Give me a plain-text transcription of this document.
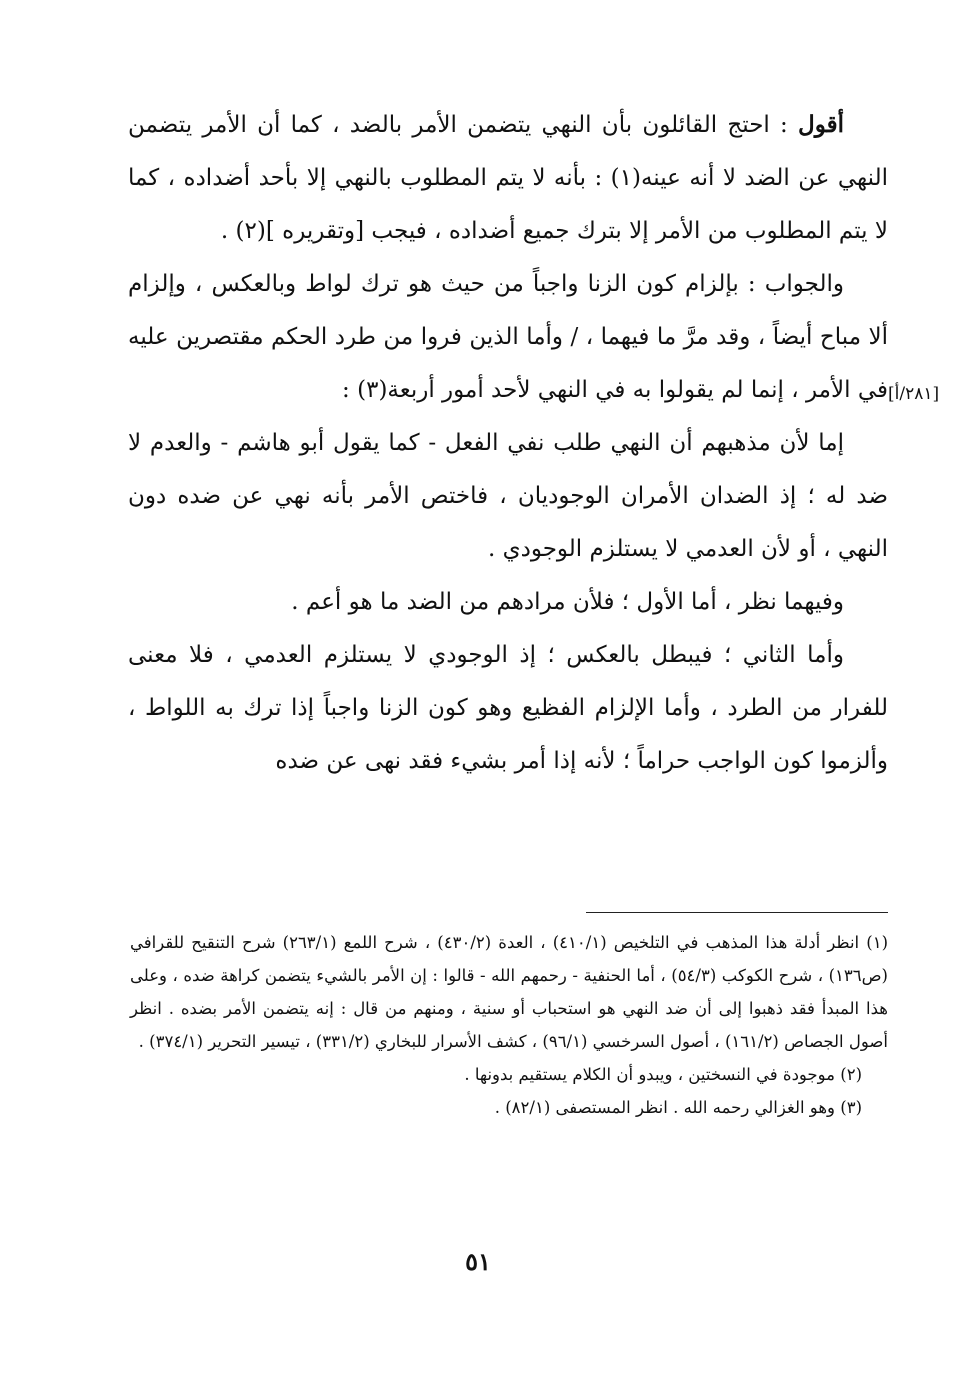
أقول : احتج القائلون بأن النهي يتضمن الأمر بالضد ، كما أن الأمر يتضمن النهي عن الضد لا أنه عينه(١) : بأنه لا يتم المطلوب بالنهي إلا بأحد أضداده ، كما لا يتم المطلوب من الأمر إلا بترك جميع أضداده ، فيجب [وتقريره ](٢) .

والجواب : بإلزام كون الزنا واجباً من حيث هو ترك لواط وبالعكس ، وإلزام ألا مباح أيضاً ، وقد مرَّ ما فيهما ، / وأما الذين فروا من طرد الحكم مقتصرين عليه في الأمر ، إنما لم يقولوا به في النهي لأحد أمور أربعة(٣) :

إما لأن مذهبهم أن النهي طلب نفي الفعل - كما يقول أبو هاشم - والعدم لا ضد له ؛ إذ الضدان الأمران الوجوديان ، فاختص الأمر بأنه نهي عن ضده دون النهي ، أو لأن العدمي لا يستلزم الوجودي .

وفيهما نظر ، أما الأول ؛ فلأن مرادهم من الضد ما هو أعم .

وأما الثاني ؛ فيبطل بالعكس ؛ إذ الوجودي لا يستلزم العدمي ، فلا معنى للفرار من الطرد ، وأما الإلزام الفظيع وهو كون الزنا واجباً إذا ترك به اللواط ، وألزموا كون الواجب حراماً ؛ لأنه إذا أمر بشيء فقد نهى عن ضده

[٢٨١/أ]

(١) انظر أدلة هذا المذهب في التلخيص (٤١٠/١) ، العدة (٤٣٠/٢) ، شرح اللمع (٢٦٣/١) شرح التنقيح للقرافي (ص١٣٦) ، شرح الكوكب (٥٤/٣) ، أما الحنفية - رحمهم الله - قالوا : إن الأمر بالشيء يتضمن كراهة ضده ، وعلى هذا المبدأ فقد ذهبوا إلى أن ضد النهي هو استحباب أو سنية ، ومنهم من قال : إنه يتضمن الأمر بضده . انظر أصول الجصاص (١٦١/٢) ، أصول السرخسي (٩٦/١) ، كشف الأسرار للبخاري (٣٣١/٢) ، تيسير التحرير (٣٧٤/١) .

(٢) موجودة في النسختين ، ويبدو أن الكلام يستقيم بدونها .

(٣) وهو الغزالي رحمه الله . انظر المستصفى (٨٢/١) .

٥١
